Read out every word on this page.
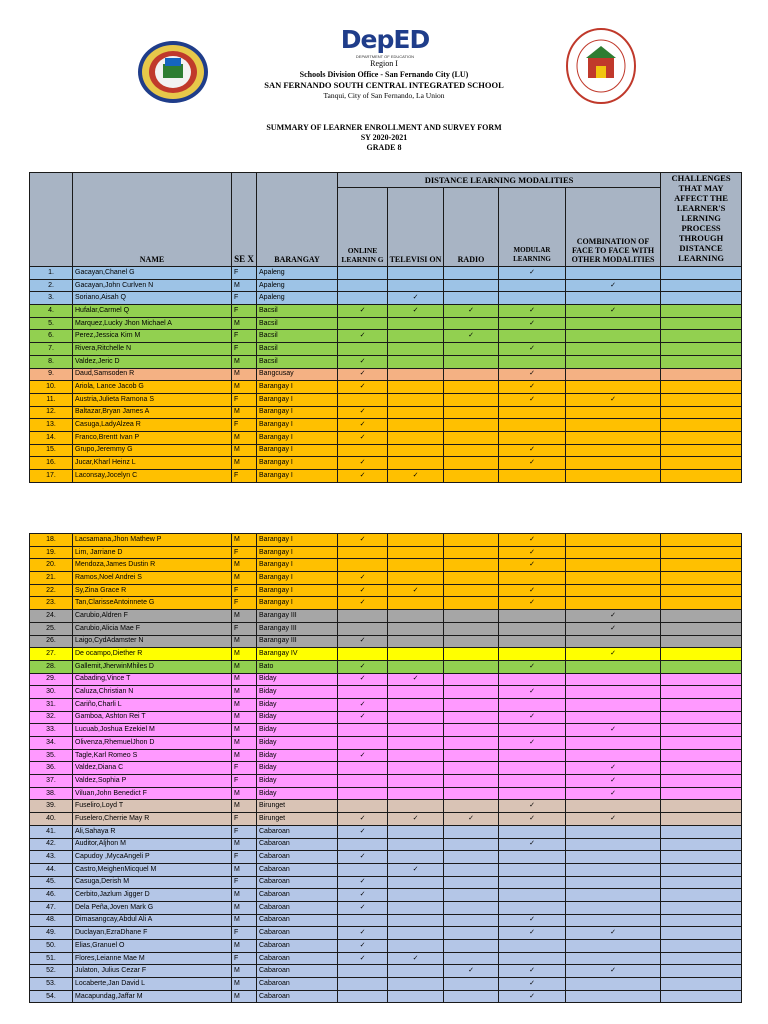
DepED
DEPARTMENT OF EDUCATION
Region I
Schools Division Office - San Fernando City (LU)
SAN FERNANDO SOUTH CENTRAL INTEGRATED SCHOOL
Tanqui, City of San Fernando, La Union
SUMMARY OF LEARNER ENROLLMENT AND SURVEY FORM
SY 2020-2021
GRADE 8
	NAME	SE X	BARANGAY	DISTANCE LEARNING MODALITIES					CHALLENGES THAT MAY AFFECT THE LEARNER'S LERNING PROCESS THROUGH DISTANCE LEARNING
				ONLINE LEARNIN G	TELEVISI ON	RADIO	MODULAR LEARNING	COMBINATION OF FACE TO FACE WITH OTHER MODALITIES	
1.	Gacayan,Chanel G	F	Apaleng				✓		
2.	Gacayan,John Curlven N	M	Apaleng					✓	
3.	Soriano,Aisah Q	F	Apaleng		✓				
4.	Hufalar,Carmel Q	F	Bacsil	✓	✓	✓	✓	✓	
5.	Marquez,Lucky Jhon Michael A	M	Bacsil				✓		
6.	Perez,Jessica Kim M	F	Bacsil	✓		✓			
7.	Rivera,Ritchelle N	F	Bacsil				✓		
8.	Valdez,Jeric D	M	Bacsil	✓					
9.	Daud,Samsoden R	M	Bangcusay	✓			✓		
10.	Ariola, Lance Jacob G	M	Barangay I	✓			✓		
11.	Austria,Julieta Ramona S	F	Barangay I				✓	✓	
12.	Baltazar,Bryan James A	M	Barangay I	✓					
13.	Casuga,LadyAlzea R	F	Barangay I	✓					
14.	Franco,Brentt Ivan P	M	Barangay I	✓					
15.	Grupo,Jeremmy G	M	Barangay I				✓		
16.	Jucar,Kharl Heinz L	M	Barangay I	✓			✓		
17.	Laconsay,Jocelyn C	F	Barangay I	✓	✓				
18.	Lacsamana,Jhon Mathew P	M	Barangay I	✓			✓		
19.	Lim, Jarriane D	F	Barangay I				✓		
20.	Mendoza,James Dustin R	M	Barangay I				✓		
21.	Ramos,Noel Andrei S	M	Barangay I	✓					
22.	Sy,Zina Grace R	F	Barangay I	✓	✓		✓		
23.	Tan,ClarisseAntoinnete G	F	Barangay I	✓			✓		
24.	Carubio,Aldren F	M	Barangay III					✓	
25.	Carubio,Alicia Mae F	F	Barangay III					✓	
26.	Laigo,CydAdamster N	M	Barangay III	✓					
27.	De ocampo,Diether R	M	Barangay IV					✓	
28.	Gallemit,JherwinMhiles D	M	Bato	✓			✓		
29.	Cabading,Vince T	M	Biday	✓	✓				
30.	Caluza,Christian N	M	Biday				✓		
31.	Cariño,Charli L	M	Biday	✓					
32.	Gamboa, Ashton Rei T	M	Biday	✓			✓		
33.	Lucuab,Joshua Ezekiel M	M	Biday					✓	
34.	Olivenza,RhemuelJhon D	M	Biday				✓		
35.	Tagle,Karl Romeo S	M	Biday	✓					
36.	Valdez,Diana C	F	Biday					✓	
37.	Valdez,Sophia P	F	Biday					✓	
38.	Viluan,John Benedict F	M	Biday					✓	
39.	Fuseliro,Loyd T	M	Birunget				✓		
40.	Fuselero,Cherrie May R	F	Birunget	✓	✓	✓	✓	✓	
41.	Ali,Sahaya R	F	Cabaroan	✓					
42.	Auditor,Aljhon M	M	Cabaroan				✓		
43.	Capudoy ,MycaAngeli P	F	Cabaroan	✓					
44.	Castro,MeighenMicquel M	M	Cabaroan		✓				
45.	Casuga,Derish M	F	Cabaroan	✓					
46.	Cerbito,Jazlum Jigger D	M	Cabaroan	✓					
47.	Dela Peña,Joven Mark G	M	Cabaroan	✓					
48.	Dimasangcay,Abdul Ali A	M	Cabaroan				✓		
49.	Duclayan,EzraDhane F	F	Cabaroan	✓			✓	✓	
50.	Elias,Granuel O	M	Cabaroan	✓					
51.	Flores,Leianne Mae M	F	Cabaroan	✓	✓				
52.	Julaton, Julius Cezar F	M	Cabaroan			✓	✓	✓	
53.	Locaberte,Jan David L	M	Cabaroan				✓		
54.	Macapundag,Jaffar M	M	Cabaroan				✓		
